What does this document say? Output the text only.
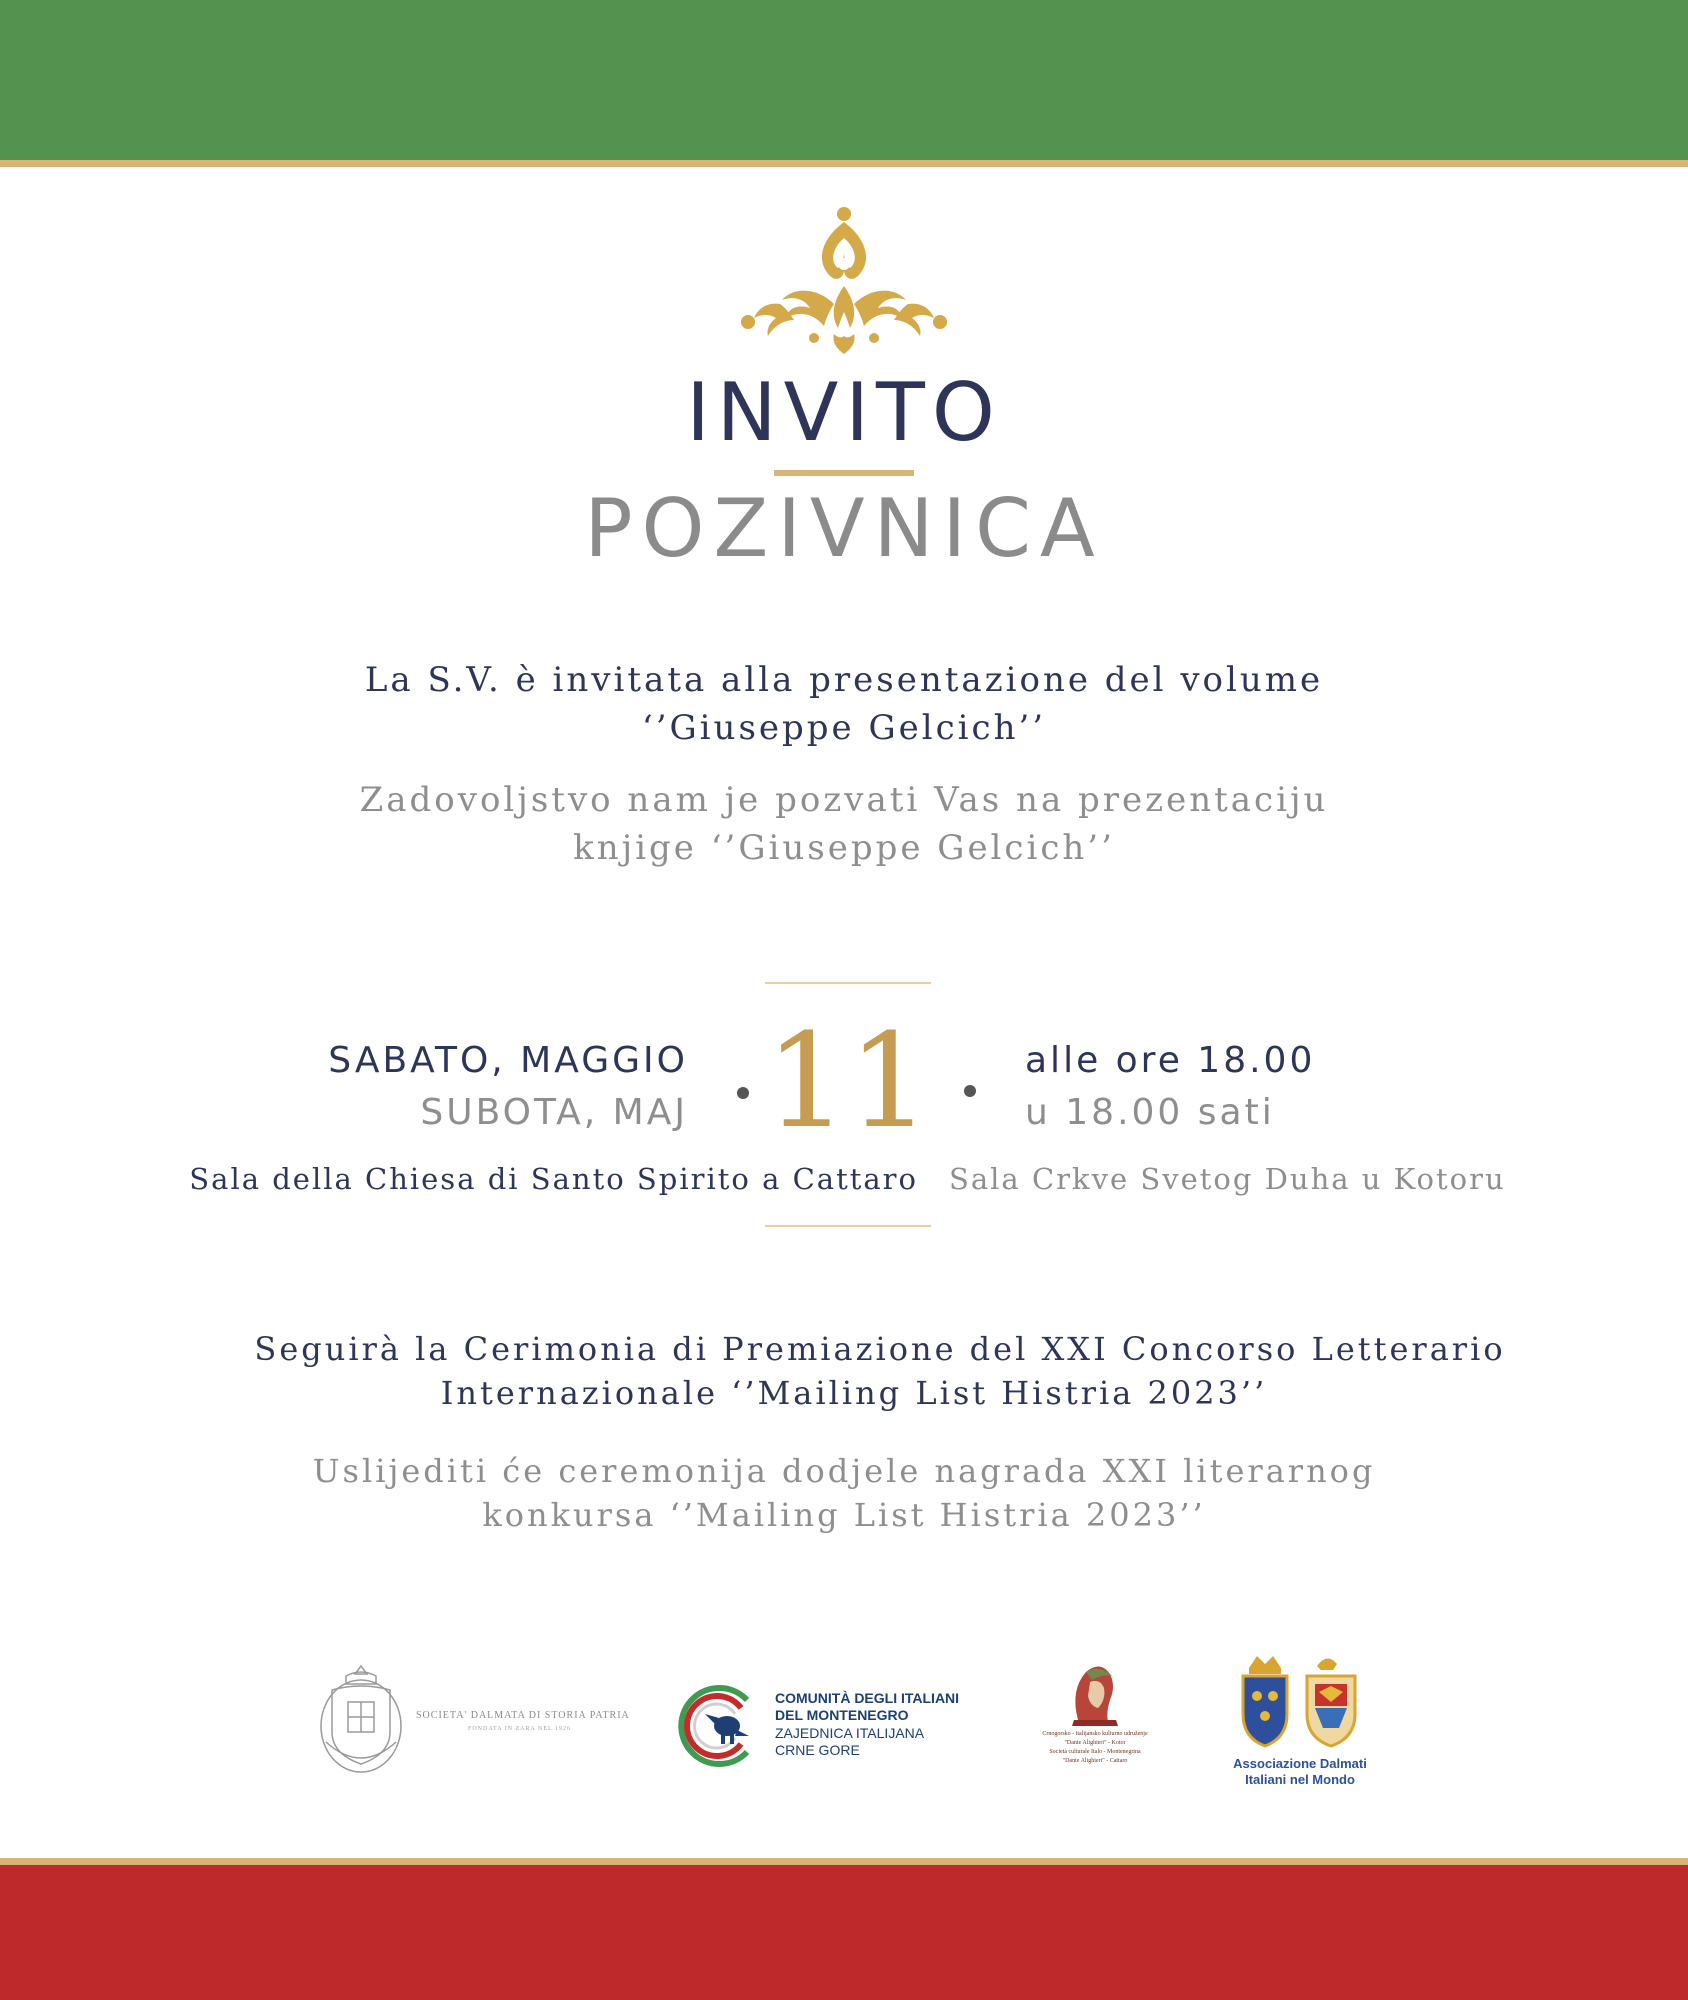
INVITO

POZIVNICA

La S.V. è invitata alla presentazione del volume

‘’Giuseppe Gelcich’’

Zadovoljstvo nam je pozvati Vas na prezentaciju

knjige ‘’Giuseppe Gelcich’’

SABATO, MAGGIO
SUBOTA, MAJ 11	alle ore 18.00
u 18.00 sati
Sala della Chiesa di Santo Spirito a Cattaro Sala Crkve Svetog Duha u Kotoru

Seguirà la Cerimonia di Premiazione del XXI Concorso Letterario

Internazionale ‘’Mailing List Histria 2023’’

Uslijediti će ceremonija dodjele nagrada XXI literarnog

konkursa ‘’Mailing List Histria 2023’’

SOCIETA' DALMATA DI STORIA PATRIA
FONDATA IN ZARA NEL 1926
COMUNITÀ DEGLI ITALIANI
DEL MONTENEGRO
ZAJEDNICA ITALIJANA
CRNE GORE
Crnogorsko - italijansko kulturno udruženje
"Dante Alighieri" - Kotor
Società culturale Italo - Montenegrina
"Dante Alighieri" - Cattaro	Associazione Dalmati
Italiani nel Mondo
